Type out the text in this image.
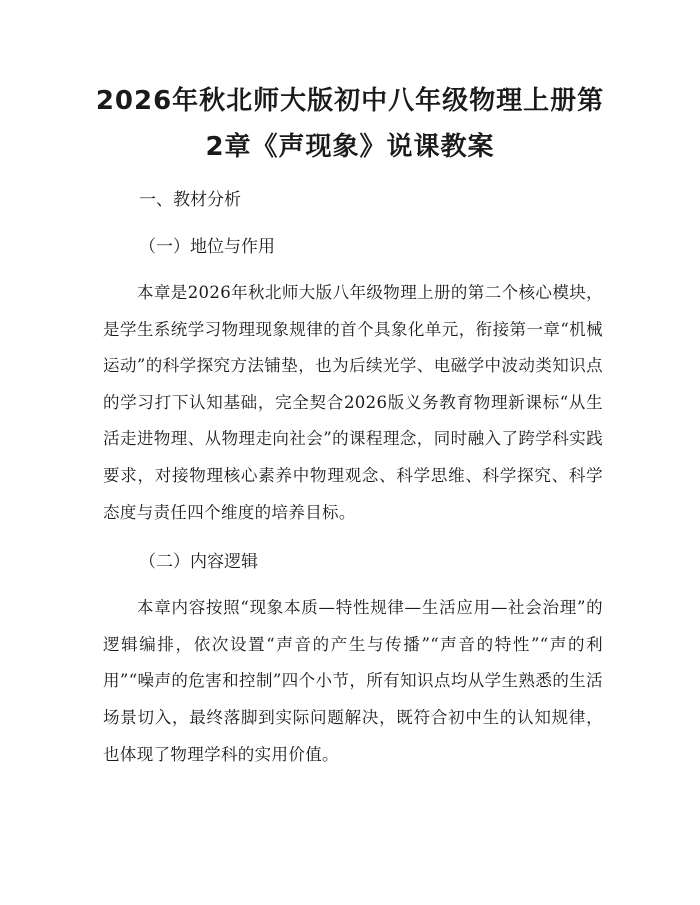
2026年秋北师大版初中八年级物理上册第2章《声现象》说课教案
一、教材分析
（一）地位与作用

本章是2026年秋北师大版八年级物理上册的第二个核心模块，是学生系统学习物理现象规律的首个具象化单元，衔接第一章“机械运动”的科学探究方法铺垫，也为后续光学、电磁学中波动类知识点的学习打下认知基础，完全契合2026版义务教育物理新课标“从生活走进物理、从物理走向社会”的课程理念，同时融入了跨学科实践要求，对接物理核心素养中物理观念、科学思维、科学探究、科学态度与责任四个维度的培养目标。

（二）内容逻辑

本章内容按照“现象本质—特性规律—生活应用—社会治理”的逻辑编排，依次设置“声音的产生与传播”“声音的特性”“声的利用”“噪声的危害和控制”四个小节，所有知识点均从学生熟悉的生活场景切入，最终落脚到实际问题解决，既符合初中生的认知规律，也体现了物理学科的实用价值。
